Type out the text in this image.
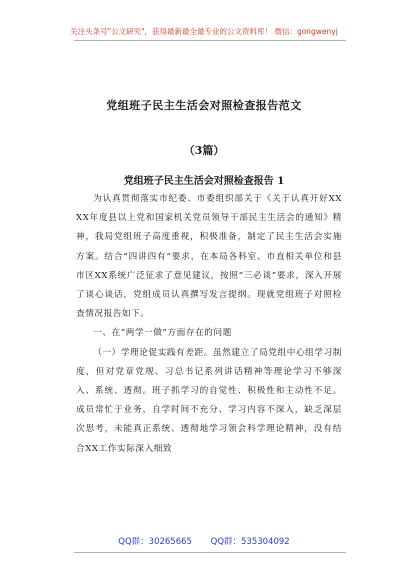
关注头条号"公文研究"，获得最新最全最专业的公文资料库！ 微信：gongwenyj
党组班子民主生活会对照检查报告范文
（3篇）
党组班子民主生活会对照检查报告 1

为认真贯彻落实市纪委、市委组织部关于《关于认真开好XXXX年度县以上党和国家机关党员领导干部民主生活会的通知》精神，我局党组班子高度重视，积极准备，制定了民主生活会实施方案。结合“四讲四有”要求，在本局各科室、市直相关单位和县市区XX系统广泛征求了意见建议，按照“三必谈”要求，深入开展了谈心谈话，党组成员认真撰写发言提纲。现就党组班子对照检查情况报告如下。

一、在“两学一做”方面存在的问题

（一）学理论促实践有差距。虽然建立了局党组中心组学习制度，但对党章党规、习总书记系列讲话精神等理论学习不够深入、系统、透彻。班子抓学习的自觉性、积极性和主动性不足。成员常忙于业务，自学时间不充分、学习内容不深入，缺乏深层次思考，未能真正系统、透彻地学习领会科学理论精神，没有结合XX工作实际深入细致

QQ群：30265665 QQ群：535304092
